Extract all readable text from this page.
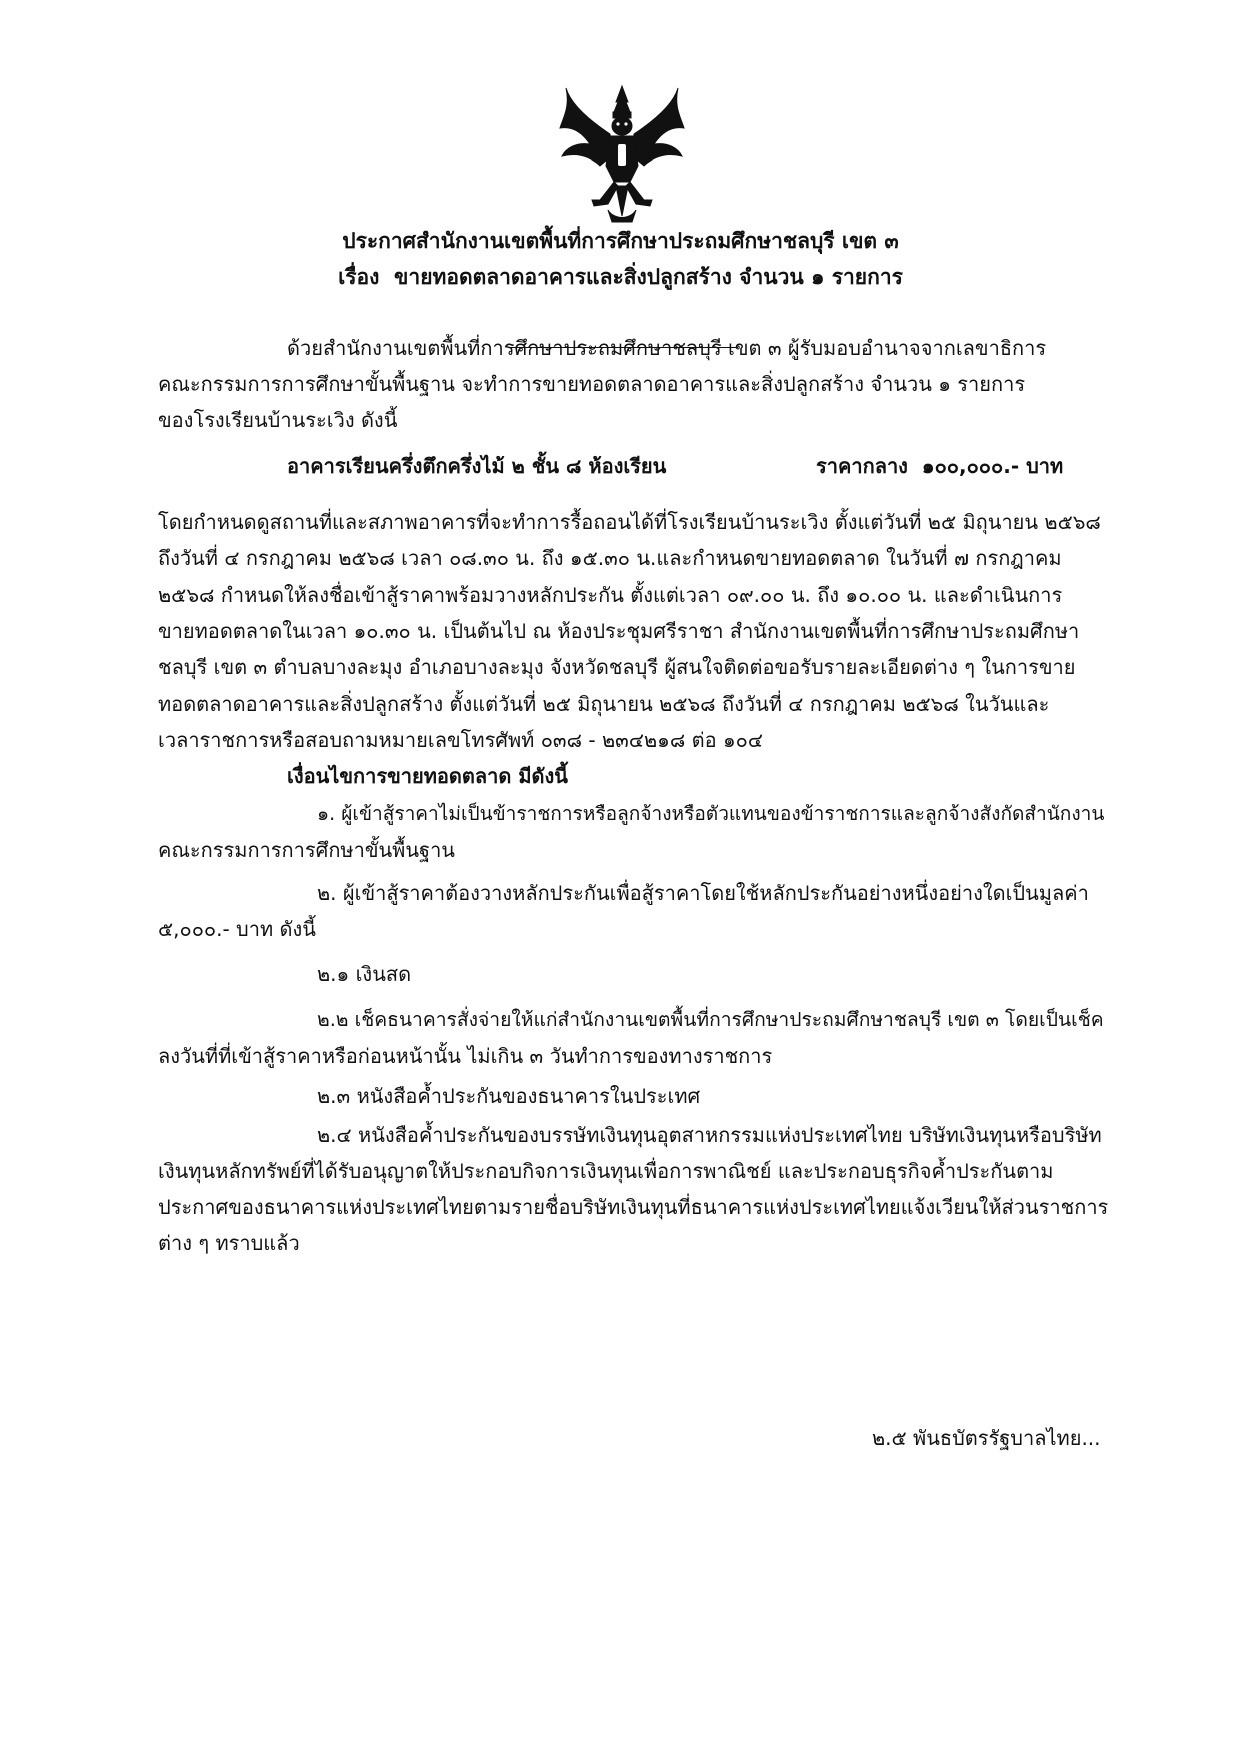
ประกาศสำนักงานเขตพื้นที่การศึกษาประถมศึกษาชลบุรี เขต ๓
เรื่อง ขายทอดตลาดอาคารและสิ่งปลูกสร้าง จำนวน ๑ รายการ
ด้วยสำนักงานเขตพื้นที่การศึกษาประถมศึกษาชลบุรี เขต ๓ ผู้รับมอบอำนาจจากเลขาธิการ
คณะกรรมการการศึกษาขั้นพื้นฐาน จะทำการขายทอดตลาดอาคารและสิ่งปลูกสร้าง จำนวน ๑ รายการ
ของโรงเรียนบ้านระเวิง ดังนี้
อาคารเรียนครึ่งตึกครึ่งไม้ ๒ ชั้น ๘ ห้องเรียน	ราคากลาง ๑๐๐,๐๐๐.- บาท
โดยกำหนดดูสถานที่และสภาพอาคารที่จะทำการรื้อถอนได้ที่โรงเรียนบ้านระเวิง ตั้งแต่วันที่ ๒๕ มิถุนายน ๒๕๖๘
ถึงวันที่ ๔ กรกฎาคม ๒๕๖๘ เวลา ๐๘.๓๐ น. ถึง ๑๕.๓๐ น.และกำหนดขายทอดตลาด ในวันที่ ๗ กรกฎาคม
๒๕๖๘ กำหนดให้ลงชื่อเข้าสู้ราคาพร้อมวางหลักประกัน ตั้งแต่เวลา ๐๙.๐๐ น. ถึง ๑๐.๐๐ น. และดำเนินการ
ขายทอดตลาดในเวลา ๑๐.๓๐ น. เป็นต้นไป ณ ห้องประชุมศรีราชา สำนักงานเขตพื้นที่การศึกษาประถมศึกษา
ชลบุรี เขต ๓ ตำบลบางละมุง อำเภอบางละมุง จังหวัดชลบุรี ผู้สนใจติดต่อขอรับรายละเอียดต่าง ๆ ในการขาย
ทอดตลาดอาคารและสิ่งปลูกสร้าง ตั้งแต่วันที่ ๒๕ มิถุนายน ๒๕๖๘ ถึงวันที่ ๔ กรกฎาคม ๒๕๖๘ ในวันและ
เวลาราชการหรือสอบถามหมายเลขโทรศัพท์ ๐๓๘ - ๒๓๔๒๑๘ ต่อ ๑๐๔
เงื่อนไขการขายทอดตลาด มีดังนี้
๑. ผู้เข้าสู้ราคาไม่เป็นข้าราชการหรือลูกจ้างหรือตัวแทนของข้าราชการและลูกจ้างสังกัดสำนักงาน
คณะกรรมการการศึกษาขั้นพื้นฐาน
๒. ผู้เข้าสู้ราคาต้องวางหลักประกันเพื่อสู้ราคาโดยใช้หลักประกันอย่างหนึ่งอย่างใดเป็นมูลค่า
๕,๐๐๐.- บาท ดังนี้
๒.๑ เงินสด
๒.๒ เช็คธนาคารสั่งจ่ายให้แก่สำนักงานเขตพื้นที่การศึกษาประถมศึกษาชลบุรี เขต ๓ โดยเป็นเช็ค
ลงวันที่ที่เข้าสู้ราคาหรือก่อนหน้านั้น ไม่เกิน ๓ วันทำการของทางราชการ
๒.๓ หนังสือค้ำประกันของธนาคารในประเทศ
๒.๔ หนังสือค้ำประกันของบรรษัทเงินทุนอุตสาหกรรมแห่งประเทศไทย บริษัทเงินทุนหรือบริษัท
เงินทุนหลักทรัพย์ที่ได้รับอนุญาตให้ประกอบกิจการเงินทุนเพื่อการพาณิชย์ และประกอบธุรกิจค้ำประกันตาม
ประกาศของธนาคารแห่งประเทศไทยตามรายชื่อบริษัทเงินทุนที่ธนาคารแห่งประเทศไทยแจ้งเวียนให้ส่วนราชการ
ต่าง ๆ ทราบแล้ว
๒.๕ พันธบัตรรัฐบาลไทย...
